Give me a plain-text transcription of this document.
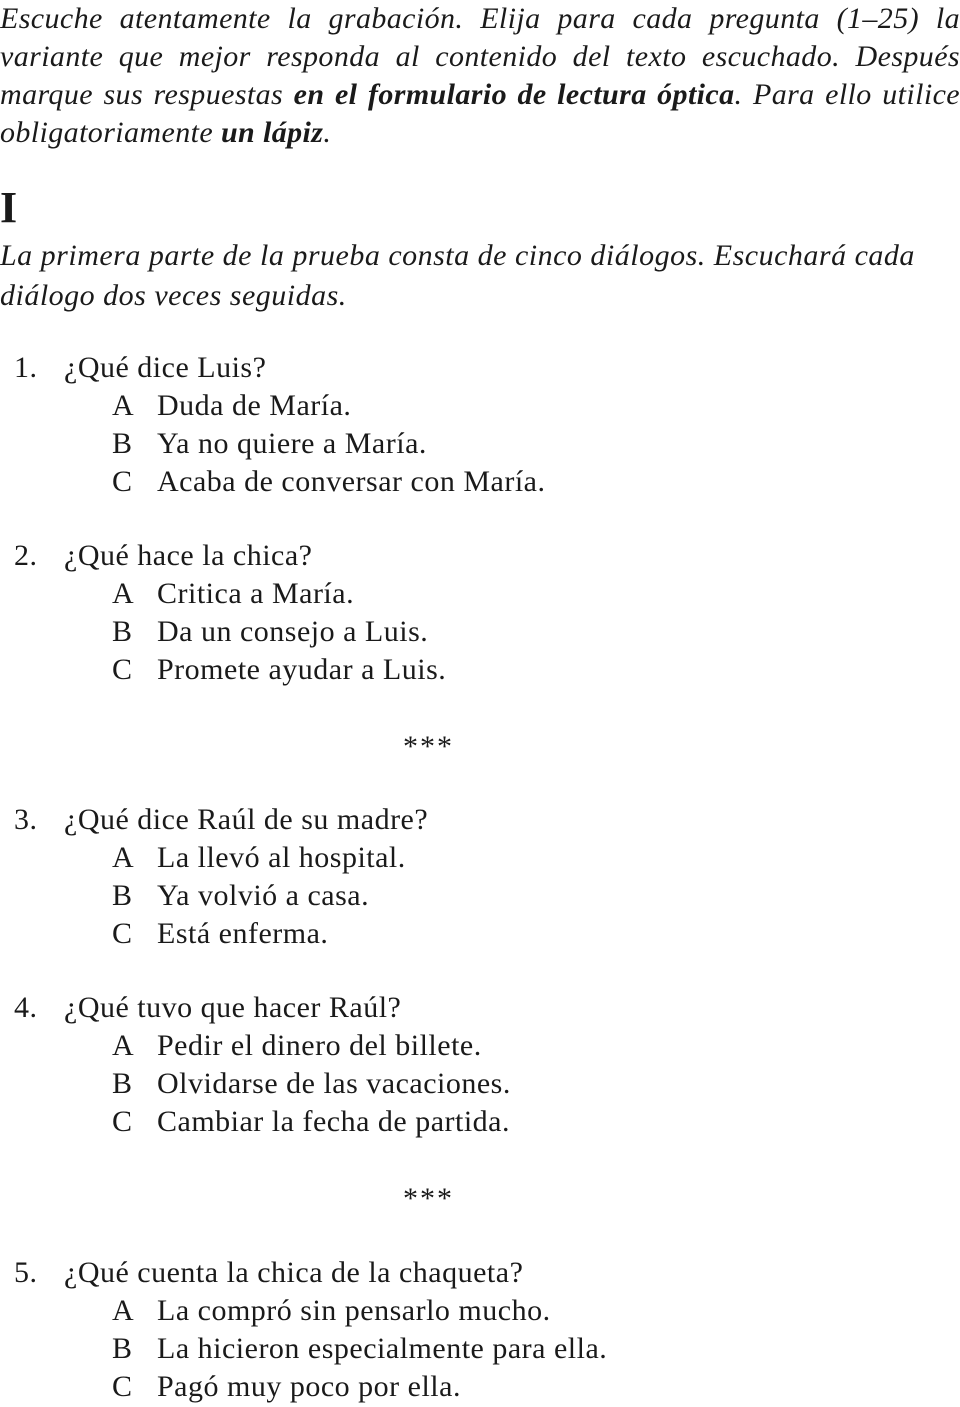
Escuche atentamente la grabación. Elija para cada pregunta (1–25) la variante que mejor responda al contenido del texto escuchado. Después marque sus respuestas en el formulario de lectura óptica. Para ello utilice obligatoriamente un lápiz.

I
La primera parte de la prueba consta de cinco diálogos. Escuchará cada diálogo dos veces seguidas.
1. ¿Qué dice Luis?
A Duda de María.
B Ya no quiere a María.
C Acaba de conversar con María.
2. ¿Qué hace la chica?
A Critica a María.
B Da un consejo a Luis.
C Promete ayudar a Luis.
***
3. ¿Qué dice Raúl de su madre?
A La llevó al hospital.
B Ya volvió a casa.
C Está enferma.
4. ¿Qué tuvo que hacer Raúl?
A Pedir el dinero del billete.
B Olvidarse de las vacaciones.
C Cambiar la fecha de partida.
***
5. ¿Qué cuenta la chica de la chaqueta?
A La compró sin pensarlo mucho.
B La hicieron especialmente para ella.
C Pagó muy poco por ella.
